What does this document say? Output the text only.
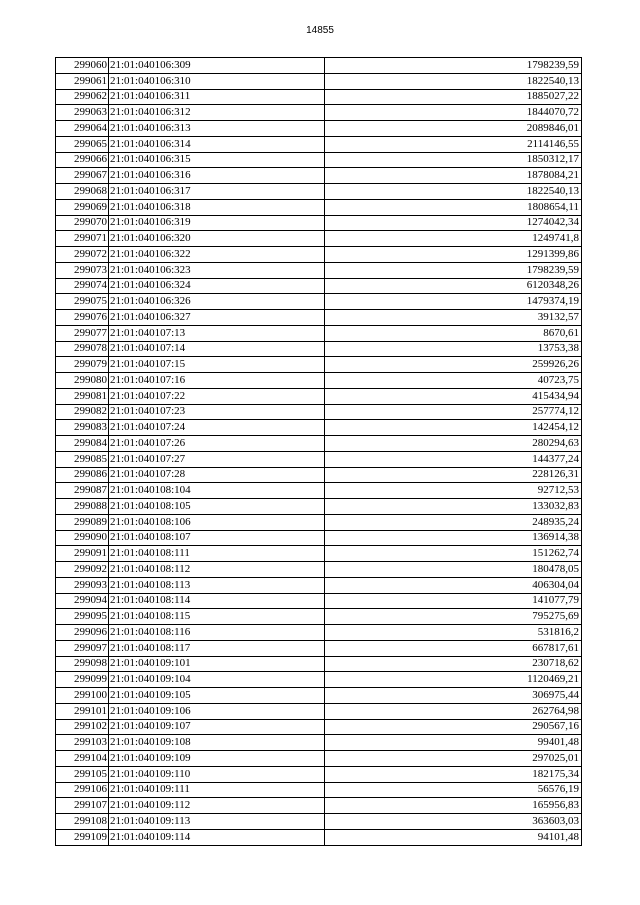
14855
299060	21:01:040106:309	1798239,59
299061	21:01:040106:310	1822540,13
299062	21:01:040106:311	1885027,22
299063	21:01:040106:312	1844070,72
299064	21:01:040106:313	2089846,01
299065	21:01:040106:314	2114146,55
299066	21:01:040106:315	1850312,17
299067	21:01:040106:316	1878084,21
299068	21:01:040106:317	1822540,13
299069	21:01:040106:318	1808654,11
299070	21:01:040106:319	1274042,34
299071	21:01:040106:320	1249741,8
299072	21:01:040106:322	1291399,86
299073	21:01:040106:323	1798239,59
299074	21:01:040106:324	6120348,26
299075	21:01:040106:326	1479374,19
299076	21:01:040106:327	39132,57
299077	21:01:040107:13	8670,61
299078	21:01:040107:14	13753,38
299079	21:01:040107:15	259926,26
299080	21:01:040107:16	40723,75
299081	21:01:040107:22	415434,94
299082	21:01:040107:23	257774,12
299083	21:01:040107:24	142454,12
299084	21:01:040107:26	280294,63
299085	21:01:040107:27	144377,24
299086	21:01:040107:28	228126,31
299087	21:01:040108:104	92712,53
299088	21:01:040108:105	133032,83
299089	21:01:040108:106	248935,24
299090	21:01:040108:107	136914,38
299091	21:01:040108:111	151262,74
299092	21:01:040108:112	180478,05
299093	21:01:040108:113	406304,04
299094	21:01:040108:114	141077,79
299095	21:01:040108:115	795275,69
299096	21:01:040108:116	531816,2
299097	21:01:040108:117	667817,61
299098	21:01:040109:101	230718,62
299099	21:01:040109:104	1120469,21
299100	21:01:040109:105	306975,44
299101	21:01:040109:106	262764,98
299102	21:01:040109:107	290567,16
299103	21:01:040109:108	99401,48
299104	21:01:040109:109	297025,01
299105	21:01:040109:110	182175,34
299106	21:01:040109:111	56576,19
299107	21:01:040109:112	165956,83
299108	21:01:040109:113	363603,03
299109	21:01:040109:114	94101,48
